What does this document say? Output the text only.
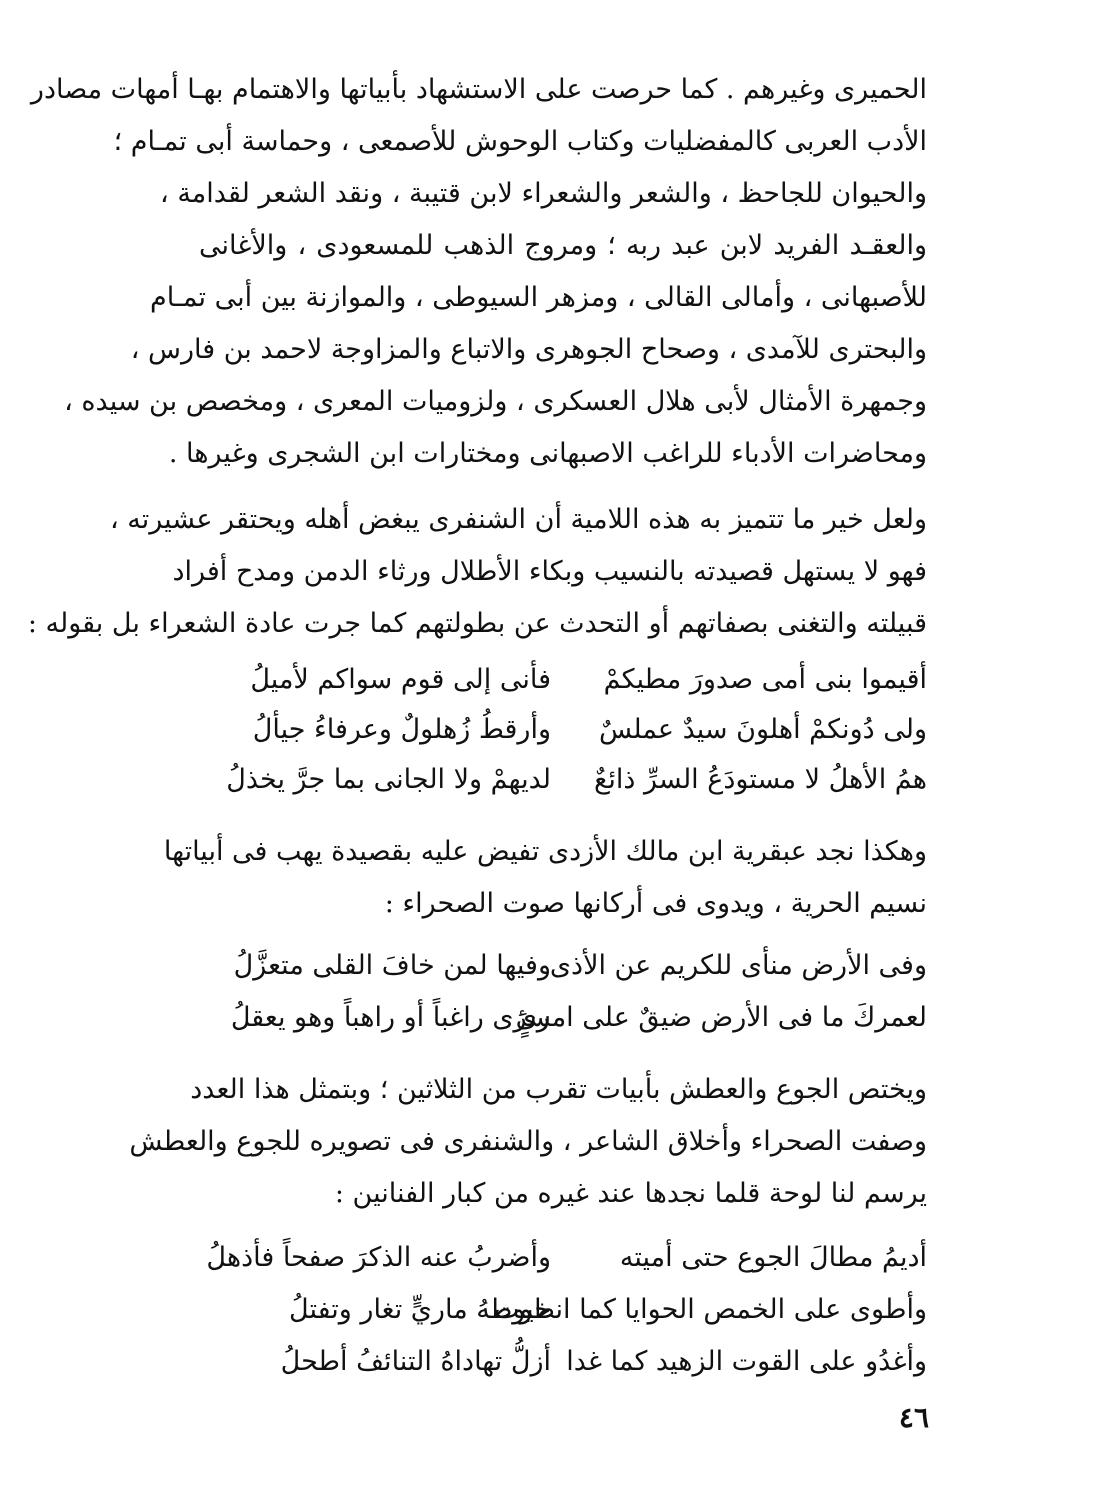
الحميرى وغيرهم . كما حرصت على الاستشهاد بأبياتها والاهتمام بهـا أمهات مصادر
الأدب العربى كالمفضليات وكتاب الوحوش للأصمعى ، وحماسة أبى تمـام ؛
والحيوان للجاحظ ، والشعر والشعراء لابن قتيبة ، ونقد الشعر لقدامة ،
والعقـد الفريد لابن عبد ربه ؛ ومروج الذهب للمسعودى ، والأغانى
للأصبهانى ، وأمالى القالى ، ومزهر السيوطى ، والموازنة بين أبى تمـام
والبحترى للآمدى ، وصحاح الجوهرى والاتباع والمزاوجة لاحمد بن فارس ،
وجمهرة الأمثال لأبى هلال العسكرى ، ولزوميات المعرى ، ومخصص بن سيده ،
ومحاضرات الأدباء للراغب الاصبهانى ومختارات ابن الشجرى وغيرها .
ولعل خير ما تتميز به هذه اللامية أن الشنفرى يبغض أهله ويحتقر عشيرته ،
فهو لا يستهل قصيدته بالنسيب وبكاء الأطلال ورثاء الدمن ومدح أفراد
قبيلته والتغنى بصفاتهم أو التحدث عن بطولتهم كما جرت عادة الشعراء بل بقوله :
أقيموا بنى أمى صدورَ مطيكمْ
فأنى إلى قوم سواكم لأميلُ
ولى دُونكمْ أهلونَ سيدٌ عملسٌ
وأرقطُ زُهلولٌ وعرفاءُ جيألُ
همُ الأهلُ لا مستودَعُ السرِّ ذائعٌ
لديهمْ ولا الجانى بما جرَّ يخذلُ
وهكذا نجد عبقرية ابن مالك الأزدى تفيض عليه بقصيدة يهب فى أبياتها
نسيم الحرية ، ويدوى فى أركانها صوت الصحراء :
وفى الأرض منأى للكريم عن الأذى
وفيها لمن خافَ القلى متعزَّلُ
لعمركَ ما فى الأرض ضيقٌ على امرئٍ
سرَى راغباً أو راهباً وهو يعقلُ
ويختص الجوع والعطش بأبيات تقرب من الثلاثين ؛ وبتمثل هذا العدد
وصفت الصحراء وأخلاق الشاعر ، والشنفرى فى تصويره للجوع والعطش
يرسم لنا لوحة قلما نجدها عند غيره من كبار الفنانين :
أديمُ مطالَ الجوع حتى أميته
وأضربُ عنه الذكرَ صفحاً فأذهلُ
وأطوى على الخمص الحوايا كما انطوت
خيوطهُ ماريٍّ تغار وتفتلُ
وأغدُو على القوت الزهيد كما غدا
أزلُّ تهاداهُ التنائفُ أطحلُ
٤٦
